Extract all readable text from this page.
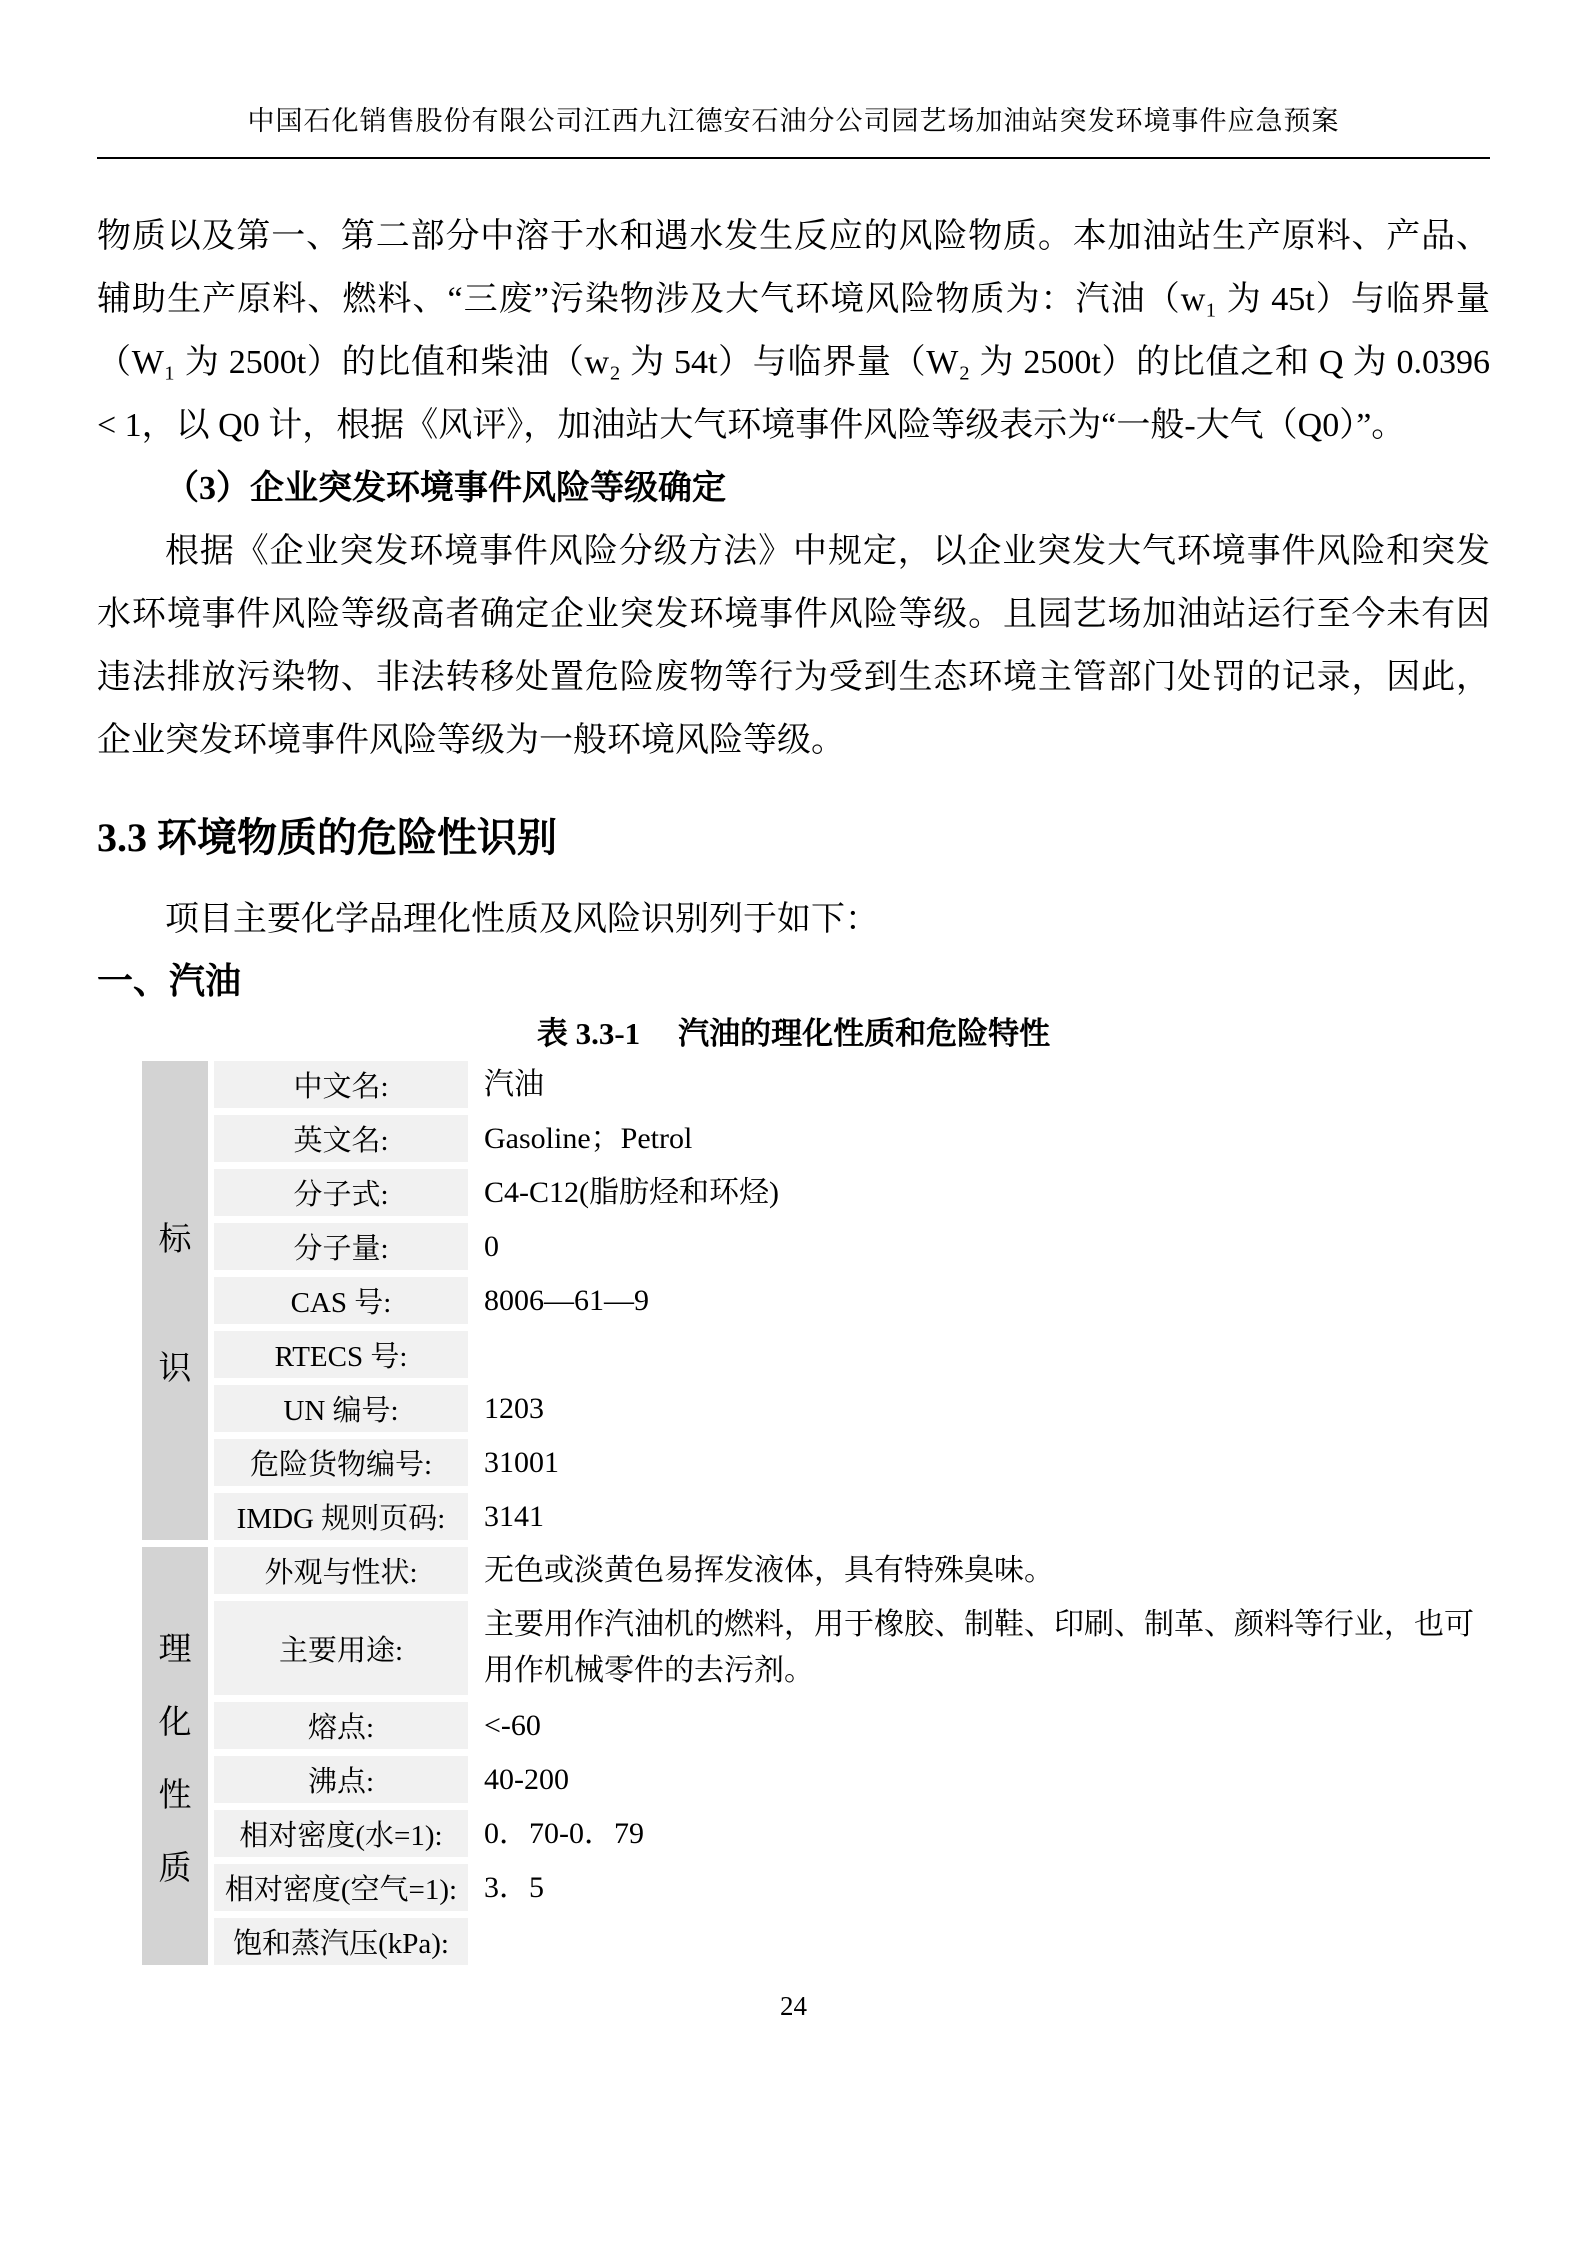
中国石化销售股份有限公司江西九江德安石油分公司园艺场加油站突发环境事件应急预案

物质以及第一、第二部分中溶于水和遇水发生反应的风险物质。本加油站生产原料、产品、辅助生产原料、燃料、“三废”污染物涉及大气环境风险物质为：汽油（w₁ 为 45t）与临界量（W₁ 为 2500t）的比值和柴油（w₂ 为 54t）与临界量（W₂ 为 2500t）的比值之和 Q 为 0.0396 < 1，以 Q0 计，根据《风评》，加油站大气环境事件风险等级表示为“一般-大气（Q0）”。

（3）企业突发环境事件风险等级确定

根据《企业突发环境事件风险分级方法》中规定，以企业突发大气环境事件风险和突发水环境事件风险等级高者确定企业突发环境事件风险等级。且园艺场加油站运行至今未有因违法排放污染物、非法转移处置危险废物等行为受到生态环境主管部门处罚的记录，因此，企业突发环境事件风险等级为一般环境风险等级。

3.3 环境物质的危险性识别

项目主要化学品理化性质及风险识别列于如下：

一、汽油
表 3.3-1 汽油的理化性质和危险特性
标
识
中文名:	汽油
英文名:	Gasoline；Petrol
分子式:	C4-C12(脂肪烃和环烃)
分子量:	0
CAS 号:	8006—61—9
RTECS 号:
UN 编号:	1203
危险货物编号:	31001
IMDG 规则页码:	3141
理
化
性
质
外观与性状:	无色或淡黄色易挥发液体，具有特殊臭味。
主要用途:
主要用作汽油机的燃料，用于橡胶、制鞋、印刷、制革、颜料等行业，也可用作机械零件的去污剂。
熔点:	<-60
沸点:	40-200
相对密度(水=1):	0．70-0．79
相对密度(空气=1): 3．5
饱和蒸汽压(kPa):
24
